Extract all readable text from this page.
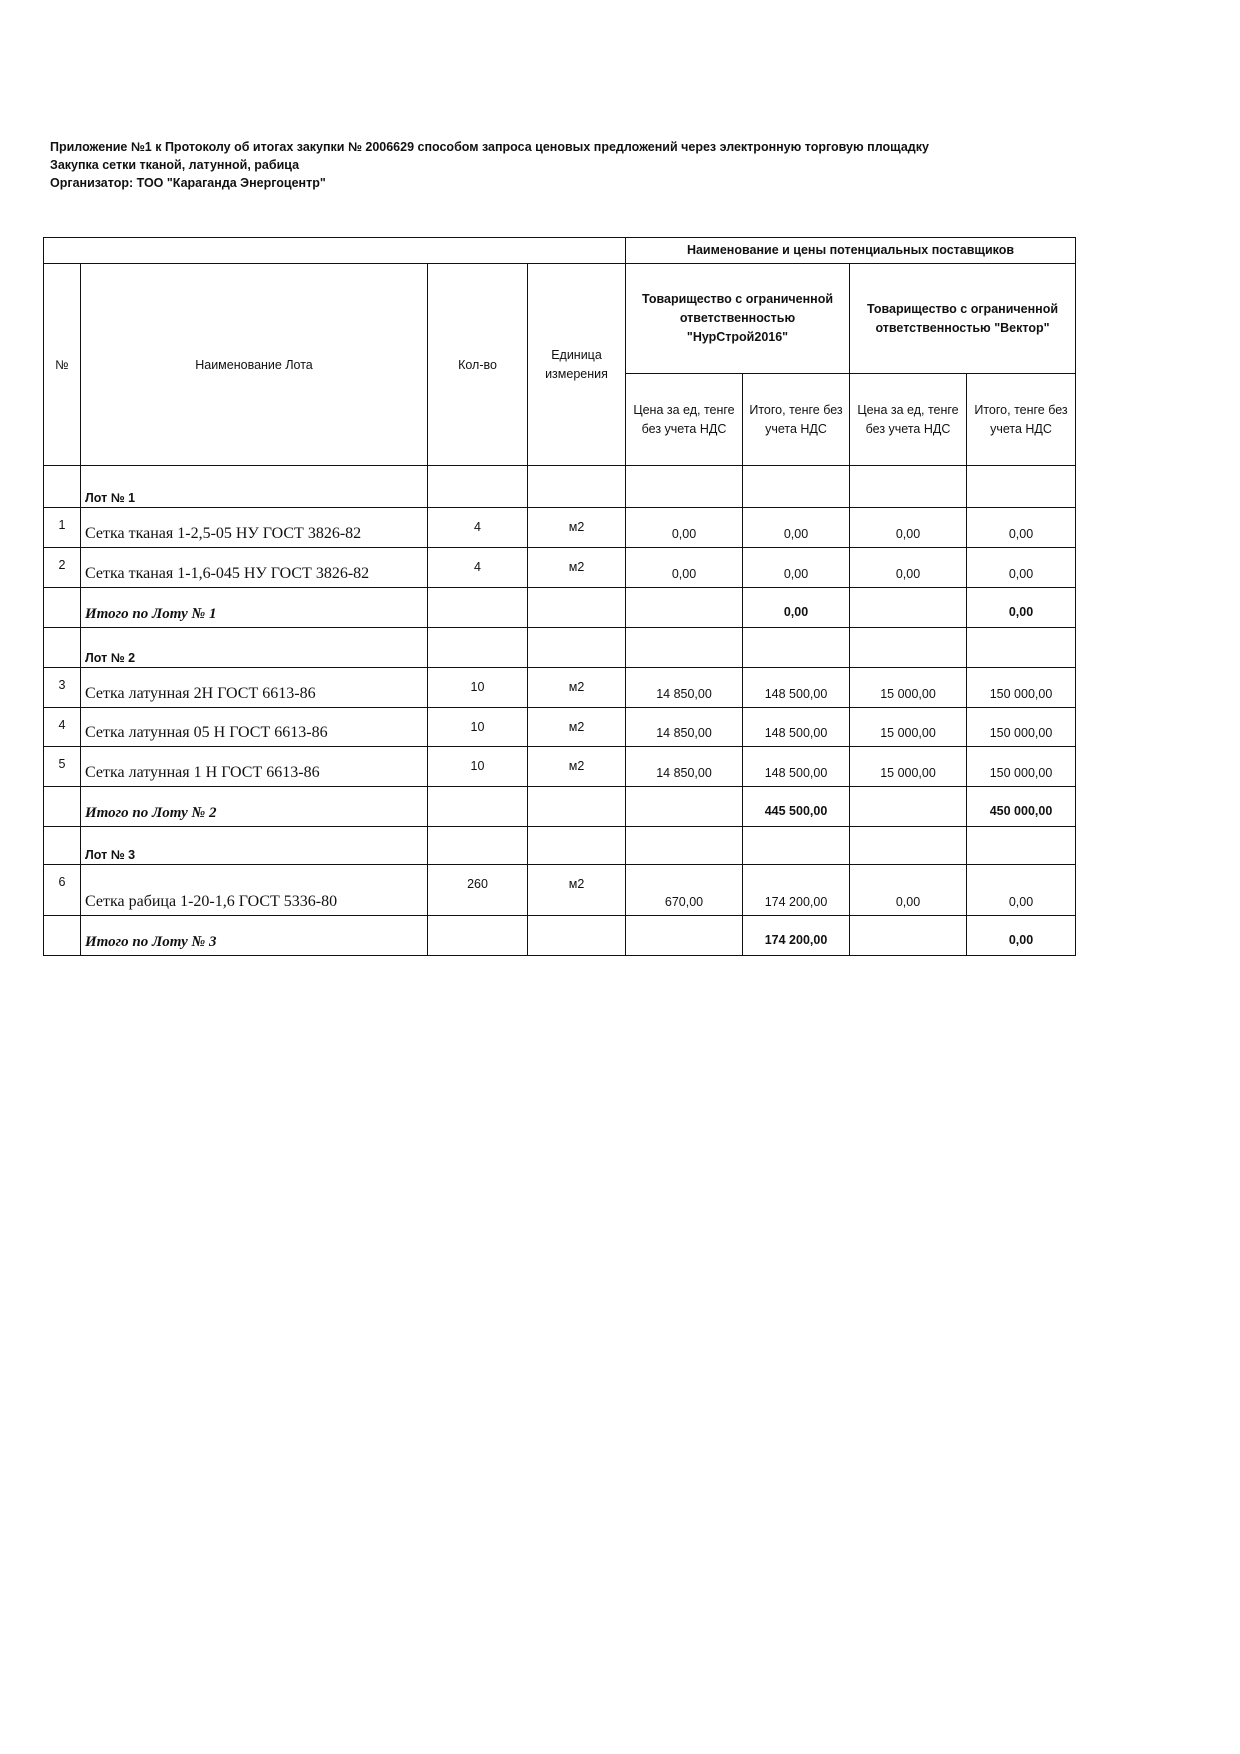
Приложение №1 к Протоколу об итогах закупки № 2006629 способом запроса ценовых предложений через электронную торговую площадку
Закупка сетки тканой, латунной, рабица
Организатор: ТОО "Караганда Энергоцентр"
				Наименование и цены потенциальных поставщиков			
№	Наименование Лота	Кол-во	Единица измерения	Товарищество с ограниченной ответственностью "НурСтрой2016"		Товарищество с ограниченной ответственностью "Вектор"	
				Цена за ед, тенге без учета НДС	Итого, тенге без учета НДС	Цена за ед, тенге без учета НДС	Итого, тенге без учета НДС
	Лот № 1						
1	Сетка тканая 1-2,5-05 НУ ГОСТ 3826-82	4	м2	0,00	0,00	0,00	0,00
2	Сетка тканая 1-1,6-045 НУ ГОСТ 3826-82	4	м2	0,00	0,00	0,00	0,00
	Итого по Лоту № 1				0,00		0,00
	Лот № 2						
3	Сетка латунная 2Н ГОСТ 6613-86	10	м2	14 850,00	148 500,00	15 000,00	150 000,00
4	Сетка латунная 05 Н ГОСТ 6613-86	10	м2	14 850,00	148 500,00	15 000,00	150 000,00
5	Сетка латунная 1 Н ГОСТ 6613-86	10	м2	14 850,00	148 500,00	15 000,00	150 000,00
	Итого по Лоту № 2				445 500,00		450 000,00
	Лот № 3						
6	Сетка рабица 1-20-1,6 ГОСТ 5336-80	260	м2	670,00	174 200,00	0,00	0,00
	Итого по Лоту № 3				174 200,00		0,00
